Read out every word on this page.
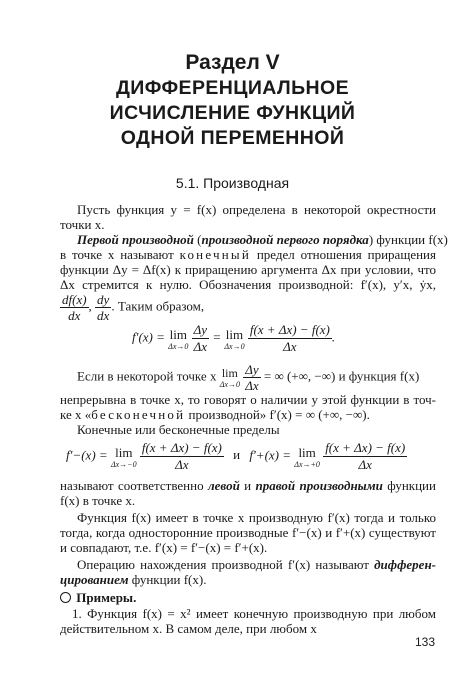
Раздел V
ДИФФЕРЕНЦИАЛЬНОЕ
ИСЧИСЛЕНИЕ ФУНКЦИЙ
ОДНОЙ ПЕРЕМЕННОЙ
5.1. Производная
Пусть функция y = f(x) определена в некоторой окрестности
точки x.
Первой производной (производной первого порядка) функции f(x)
в точке x называют конечный предел отношения приращения
функции Δy = Δf(x) к приращению аргумента Δx при условии, что
Δx стремится к нулю. Обозначения производной: f′(x), y′x, ẏx,
$\frac{df(x)}{dx}$ , $\frac{dy}{dx}$ . Таким образом,
f′(x) = lim
Δx→0
$\frac{\Delta y}{\Delta x} = \lim$
Δx→0
$\frac{f(x + \Delta x) - f(x)}{\Delta x}$ .
Если в некоторой точке x lim
Δx→0
$\frac{\Delta y}{\Delta x}$ = ∞ (+∞, −∞) и функция f(x)
непрерывна в точке x, то говорят о наличии у этой функции в точ-
ке x «бесконечной производной» f′(x) = ∞ (+∞, −∞).
Конечные или бесконечные пределы
f′−(x) = lim
Δx→−0
$\frac{f(x + \Delta x) - f(x)}{\Delta x}$ и f′+(x) = lim
Δx→+0
$\frac{f(x + \Delta x) - f(x)}{\Delta x}$
называют соответственно левой и правой производными функции
f(x) в точке x.
Функция f(x) имеет в точке x производную f′(x) тогда и только
тогда, когда односторонние производные f′−(x) и f′+(x) существуют
и совпадают, т.е. f′(x) = f′−(x) = f′+(x).
Операцию нахождения производной f′(x) называют дифферен-
цированием функции f(x).
Примеры.
1. Функция f(x) = x² имеет конечную производную при любом
действительном x. В самом деле, при любом x
133
